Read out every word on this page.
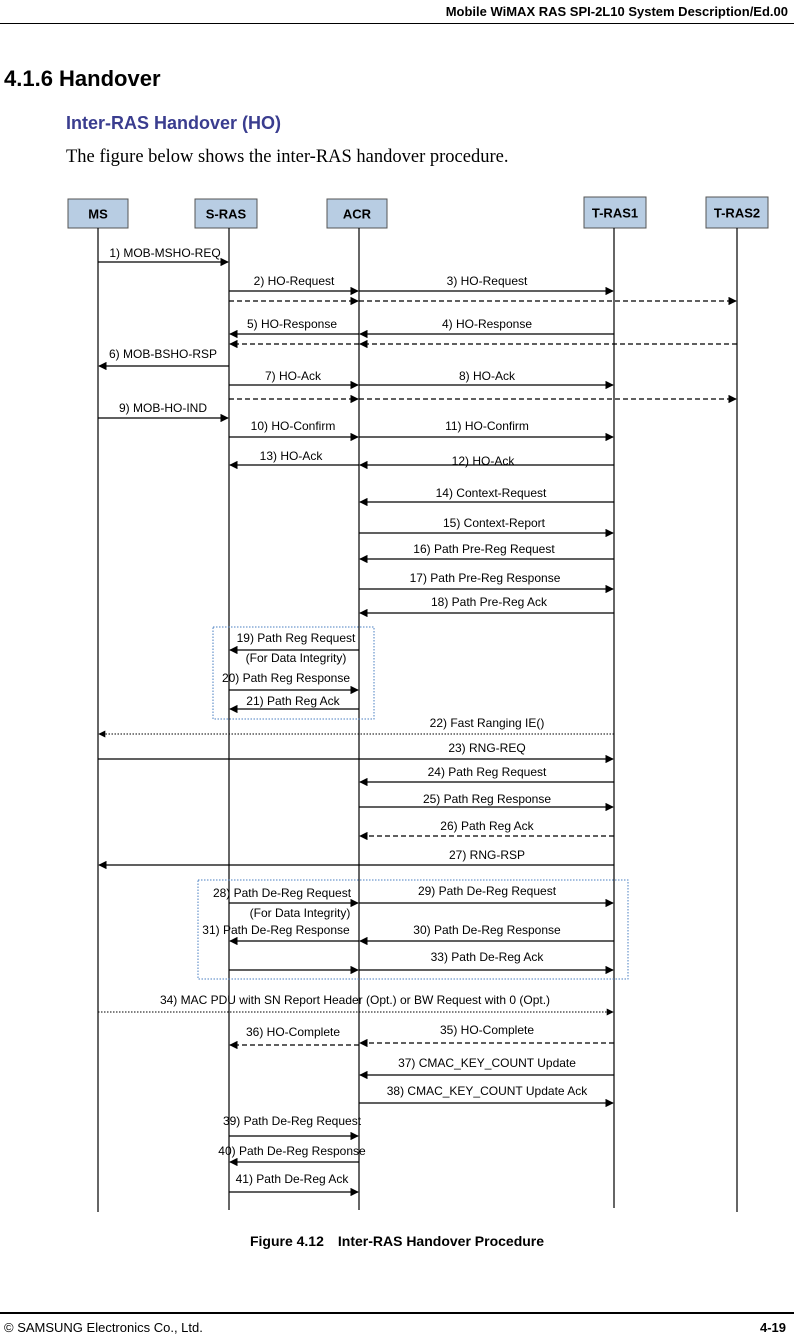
Mobile WiMAX RAS SPI-2L10 System Description/Ed.00
4.1.6 Handover
Inter-RAS Handover (HO)
The figure below shows the inter-RAS handover procedure.
MS	S-RAS	ACR	T-RAS1	T-RAS2
1) MOB-MSHO-REQ
2) HO-Request	3) HO-Request
5) HO-Response	4) HO-Response
6) MOB-BSHO-RSP
7) HO-Ack	8) HO-Ack
9) MOB-HO-IND
10) HO-Confirm	11) HO-Confirm
13) HO-Ack	12) HO-Ack
14) Context-Request
15) Context-Report
16) Path Pre-Reg Request
17) Path Pre-Reg Response
18) Path Pre-Reg Ack
19) Path Reg Request
20) Path Reg Response
21) Path Reg Ack
22) Fast Ranging IE()
23) RNG-REQ
24) Path Reg Request
25) Path Reg Response
26) Path Reg Ack
27) RNG-RSP
28) Path De-Reg Request	29) Path De-Reg Request
31) Path De-Reg Response	30) Path De-Reg Response
33) Path De-Reg Ack
34) MAC PDU with SN Report Header (Opt.) or BW Request with 0 (Opt.)
36) HO-Complete	35) HO-Complete
37) CMAC_KEY_COUNT Update
38) CMAC_KEY_COUNT Update Ack
39) Path De-Reg Request
40) Path De-Reg Response
41) Path De-Reg Ack
(For Data Integrity)
(For Data Integrity)
Figure 4.12 Inter-RAS Handover Procedure
© SAMSUNG Electronics Co., Ltd.	4-19
